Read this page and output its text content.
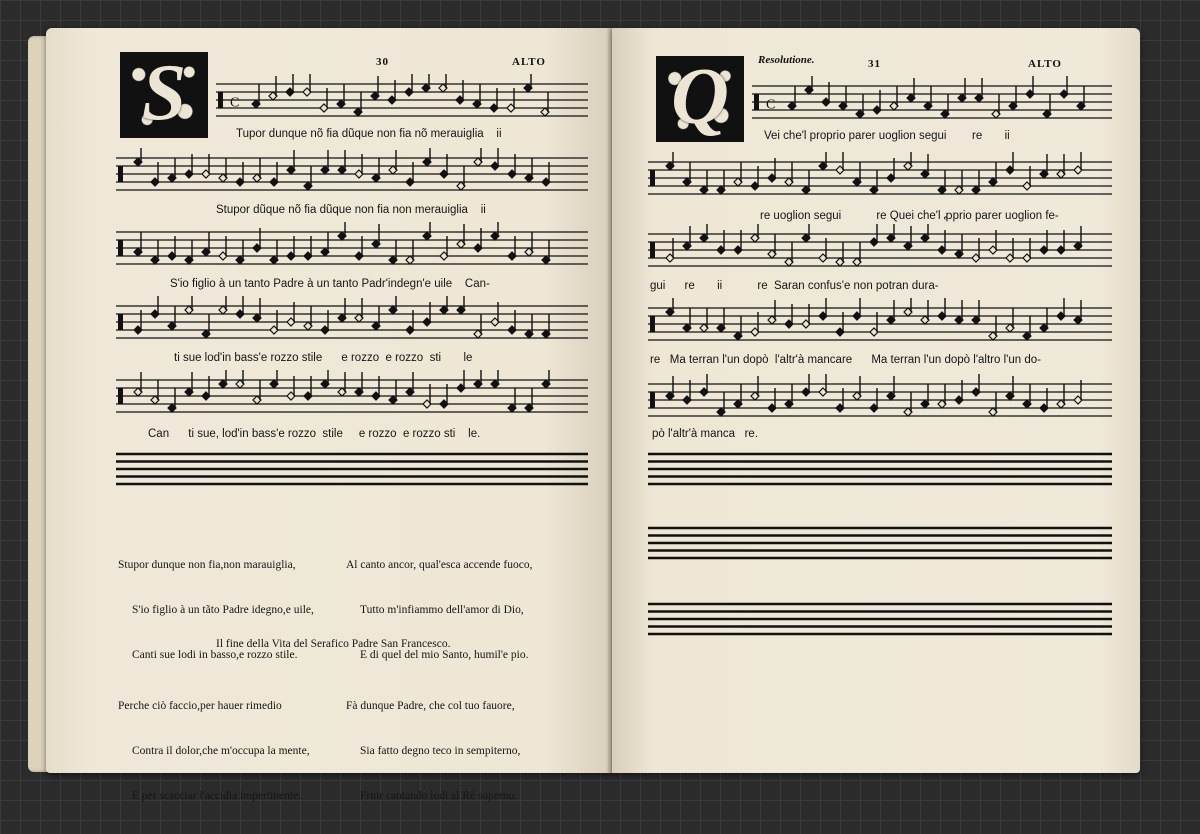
30	ALTO
S	C
Tupor dunque nõ fia dũque non fia nõ merauiglia    ii
Stupor dũque nõ fia dũque non fia non merauiglia    ii
S'io figlio à un tanto Padre à un tanto Padr'indegn'e uile    Can-
ti sue lod'in bass'e rozzo stile      e rozzo  e rozzo  sti       le
Can      ti sue, lod'in bass'e rozzo  stile     e rozzo  e rozzo sti    le.

Stupor dunque non fia,non marauiglia,

S'io figlio à un tãto Padre idegno,e uile,

Canti sue lodi in basso,e rozzo stile.

Perche ciò faccio,per hauer rimedio

Contra il dolor,che m'occupa la mente,

E per scacciar l'accidia impertinente.

Al canto ancor, qual'esca accende fuoco,

Tutto m'infiammo dell'amor di Dio,

E di quel del mio Santo, humil'e pio.

Fà dunque Padre, che col tuo fauore,

Sia fatto degno teco in sempiterno,

Fruir cantando lodi al Rè superno.

Il fine della Vita del Serafico Padre San Francesco.
Resolutione.	31	ALTO
Q	C
Vei che'l proprio parer uoglion segui        re       ii
re uoglion segui           re Quei che'l ꝓprio parer uoglion fe-
gui      re       ii           re  Saran confus'e non potran dura-
re   Ma terran l'un dopò  l'altr'à mancare      Ma terran l'un dopò l'altro l'un do-
pò l'altr'à manca   re.
